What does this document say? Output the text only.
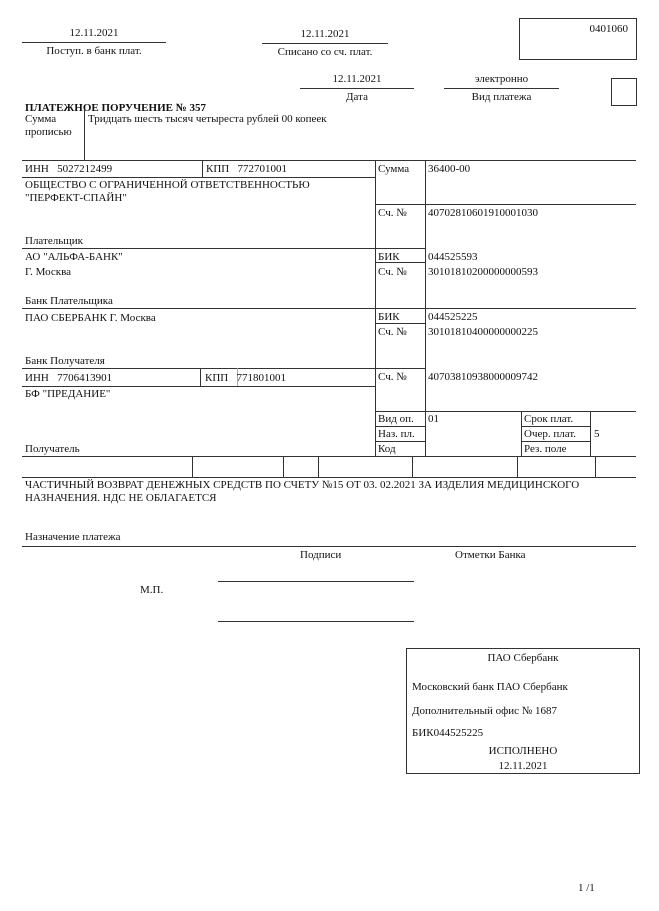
12.11.2021
Поступ. в банк плат.
12.11.2021
Списано со сч. плат.
0401060
ПЛАТЕЖНОЕ ПОРУЧЕНИЕ № 357
12.11.2021
Дата
электронно
Вид платежа
Сумма
прописью
Тридцать шесть тысяч четыреста рублей 00 копеек
ИНН 5027212499	КПП 772701001
ОБЩЕСТВО С ОГРАНИЧЕННОЙ ОТВЕТСТВЕННОСТЬЮ
"ПЕРФЕКТ-СПАЙН"
Плательщик
Сумма 36400-00
Сч. № 40702810601910001030
АО "АЛЬФА-БАНК"
Г. Москва
Банк Плательщика
БИК	044525593
Сч. № 30101810200000000593
ПАО СБЕРБАНК Г. Москва
Банк Получателя
БИК	044525225
Сч. № 30101810400000000225
ИНН 7706413901	КПП 771801001
БФ "ПРЕДАНИЕ"
Получатель
Сч. № 40703810938000009742
Вид оп. 01
Наз. пл.
Код
Срок плат.
Очер. плат. 5
Рез. поле
ЧАСТИЧНЫЙ ВОЗВРАТ ДЕНЕЖНЫХ СРЕДСТВ ПО СЧЕТУ №15 ОТ 03. 02.2021 ЗА ИЗДЕЛИЯ МЕДИЦИНСКОГО
НАЗНАЧЕНИЯ. НДС НЕ ОБЛАГАЕТСЯ
Назначение платежа
Подписи	Отметки Банка
М.П.
ПАО Сбербанк
Московский банк ПАО Сбербанк
Дополнительный офис № 1687
БИК044525225
ИСПОЛНЕНО
12.11.2021
1 /1
